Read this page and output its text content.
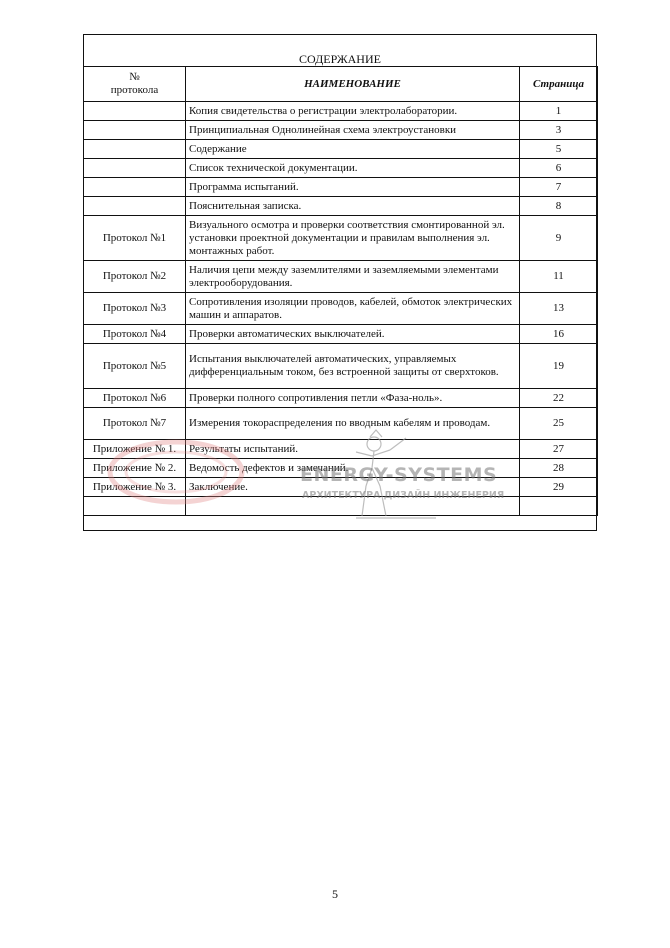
СОДЕРЖАНИЕ
№
протокола	НАИМЕНОВАНИЕ	Страница
	Копия свидетельства о регистрации электролаборатории.	1
	Принципиальная Однолинейная схема электроустановки	3
	Содержание	5
	Список технической документации.	6
	Программа испытаний.	7
	Пояснительная записка.	8
Протокол №1	Визуального осмотра и проверки соответствия смонтированной эл. установки проектной документации и правилам выполнения эл. монтажных работ.	9
Протокол №2	Наличия цепи между заземлителями и заземляемыми элементами электрооборудования.	11
Протокол №3	Сопротивления изоляции проводов, кабелей, обмоток электрических машин и аппаратов.	13
Протокол №4	Проверки автоматических выключателей.	16
Протокол №5	Испытания выключателей автоматических, управляемых дифференциальным током, без встроенной защиты от сверхтоков.	19
Протокол №6	Проверки полного сопротивления петли «Фаза-ноль».	22
Протокол №7	Измерения токораспределения по вводным кабелям и проводам.	25
Приложение № 1.	Результаты испытаний.	27
Приложение № 2.	Ведомость дефектов и замечаний.	28
Приложение № 3.	Заключение.	29

ENERGY-SYSTEMS
АРХИТЕКТУРА ДИЗАЙН ИНЖЕНЕРИЯ
5
